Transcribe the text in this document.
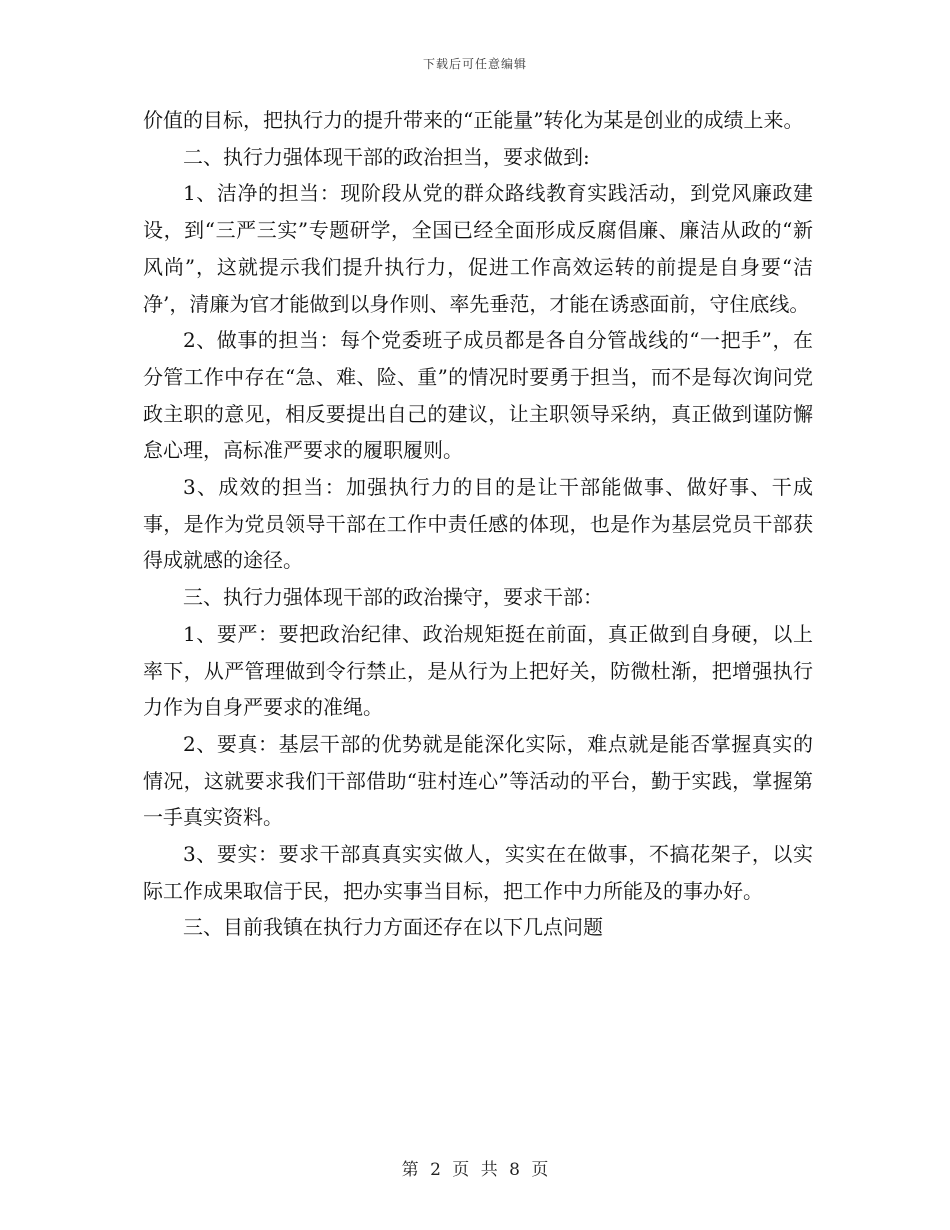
下载后可任意编辑

价值的目标，把执行力的提升带来的“正能量”转化为某是创业的成绩上来。

二、执行力强体现干部的政治担当，要求做到:

1、洁净的担当：现阶段从党的群众路线教育实践活动，到党风廉政建设，到“三严三实”专题研学，全国已经全面形成反腐倡廉、廉洁从政的“新风尚”，这就提示我们提升执行力，促进工作高效运转的前提是自身要“洁净’，清廉为官才能做到以身作则、率先垂范，才能在诱惑面前，守住底线。

2、做事的担当：每个党委班子成员都是各自分管战线的“一把手”，在分管工作中存在“急、难、险、重”的情况时要勇于担当，而不是每次询问党政主职的意见，相反要提出自己的建议，让主职领导采纳，真正做到谨防懈怠心理，高标准严要求的履职履则。

3、成效的担当：加强执行力的目的是让干部能做事、做好事、干成事，是作为党员领导干部在工作中责任感的体现，也是作为基层党员干部获得成就感的途径。

三、执行力强体现干部的政治操守，要求干部：

1、要严：要把政治纪律、政治规矩挺在前面，真正做到自身硬，以上率下，从严管理做到令行禁止，是从行为上把好关，防微杜渐，把增强执行力作为自身严要求的准绳。

2、要真：基层干部的优势就是能深化实际，难点就是能否掌握真实的情况，这就要求我们干部借助“驻村连心”等活动的平台，勤于实践，掌握第一手真实资料。

3、要实：要求干部真真实实做人，实实在在做事，不搞花架子，以实际工作成果取信于民，把办实事当目标，把工作中力所能及的事办好。

三、目前我镇在执行力方面还存在以下几点问题

第 2 页 共 8 页
